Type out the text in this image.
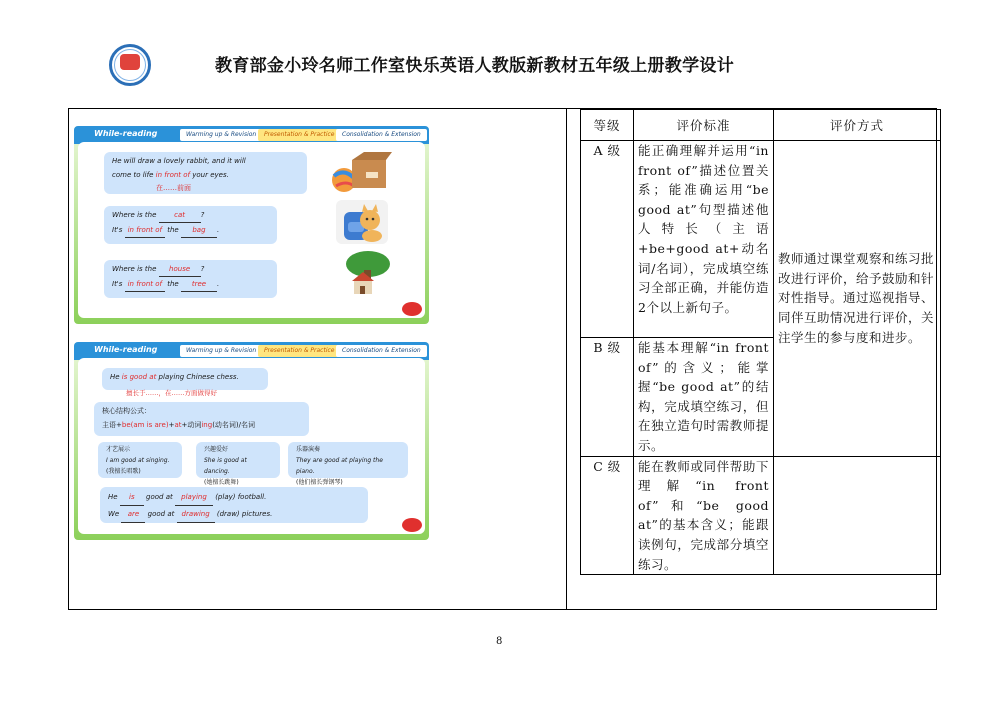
教育部金小玲名师工作室快乐英语人教版新教材五年级上册教学设计
While-reading	Warming up & Revision	Presentation & Practice	Consolidation & Extension
He will draw a lovely rabbit, and it will
come to life in front of your eyes.
在……前面
Where is the cat ?
It's in front of the bag .
Where is the house ?
It's in front of the tree .
While-reading	Warming up & Revision	Presentation & Practice	Consolidation & Extension
He is good at playing Chinese chess.
擅长于……，在……方面做得好
核心结构公式：
主语+be(am is are)+at+动词ing(动名词)/名词
才艺展示
I am good at singing.
(我擅长唱歌)
兴趣爱好
She is good at dancing.
(她擅长跳舞)
乐器演奏
They are good at playing the piano.
(他们擅长弹钢琴)
He is good at playing (play) football.
We are good at drawing (draw) pictures.
等级	评价标准	评价方式
A 级	能正确理解并运用“in front of”描述位置关系；能准确运用“be good at”句型描述他人特长（主语+be+good at+动名词/名词），完成填空练习全部正确，并能仿造2个以上新句子。	教师通过课堂观察和练习批改进行评价，给予鼓励和针对性指导。通过巡视指导、同伴互助情况进行评价，关注学生的参与度和进步。

B 级	能基本理解“in front of”的含义；能掌握“be good at”的结构，完成填空练习，但在独立造句时需教师提示。	
C 级	能在教师或同伴帮助下理解“in front of”和“be good at”的基本含义；能跟读例句，完成部分填空练习。	
8
